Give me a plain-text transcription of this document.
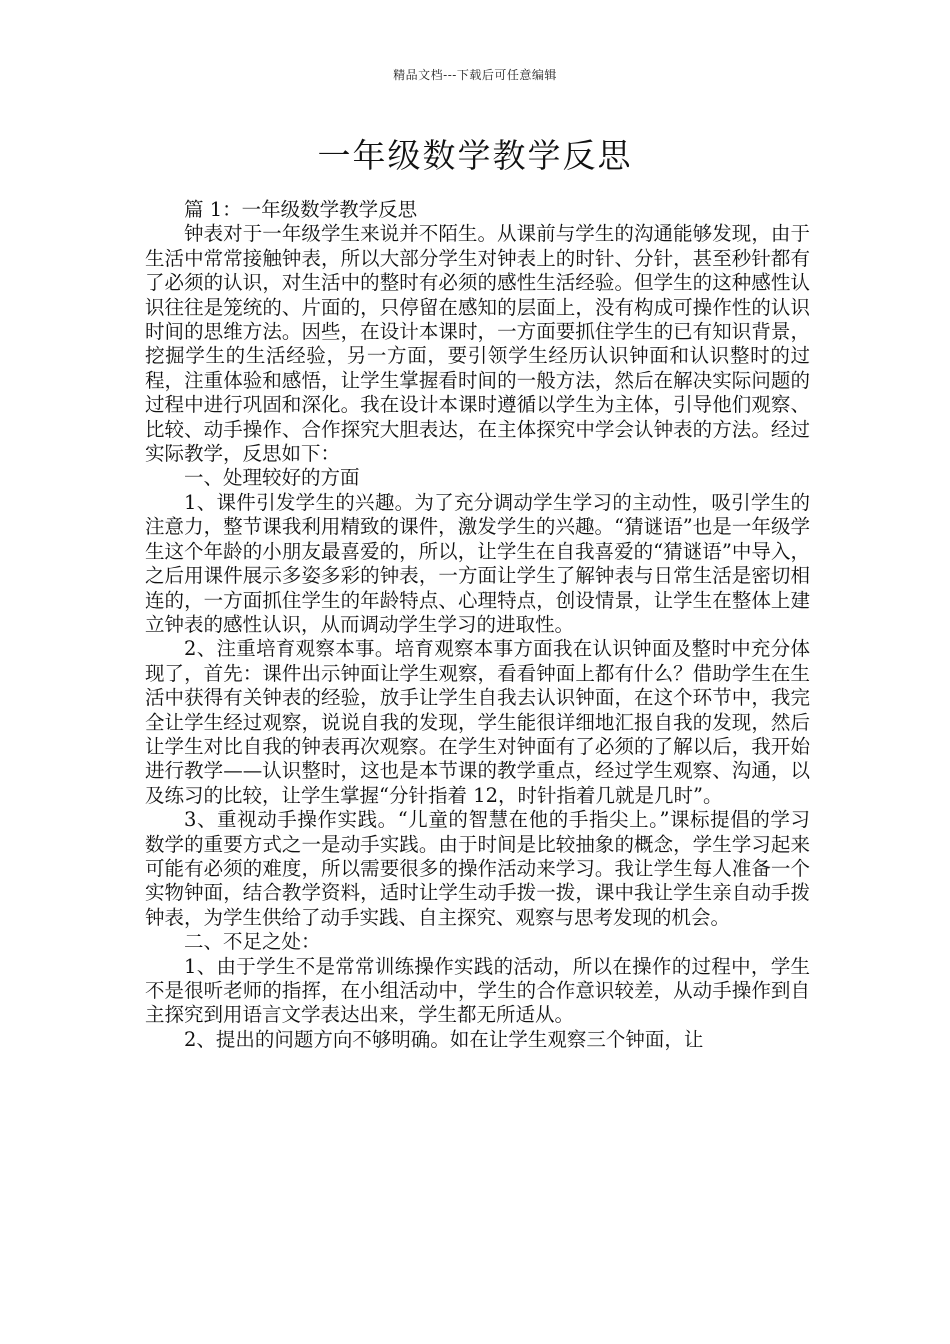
精品文档---下载后可任意编辑
一年级数学教学反思

篇 1：一年级数学教学反思

钟表对于一年级学生来说并不陌生。从课前与学生的沟通能够发现，由于生活中常常接触钟表，所以大部分学生对钟表上的时针、分针，甚至秒针都有了必须的认识，对生活中的整时有必须的感性生活经验。但学生的这种感性认识往往是笼统的、片面的，只停留在感知的层面上，没有构成可操作性的认识时间的思维方法。因些，在设计本课时，一方面要抓住学生的已有知识背景，挖掘学生的生活经验，另一方面，要引领学生经历认识钟面和认识整时的过程，注重体验和感悟，让学生掌握看时间的一般方法，然后在解决实际问题的过程中进行巩固和深化。我在设计本课时遵循以学生为主体，引导他们观察、比较、动手操作、合作探究大胆表达，在主体探究中学会认钟表的方法。经过实际教学，反思如下：

一、处理较好的方面

1、课件引发学生的兴趣。为了充分调动学生学习的主动性，吸引学生的注意力，整节课我利用精致的课件，激发学生的兴趣。“猜谜语”也是一年级学生这个年龄的小朋友最喜爱的，所以，让学生在自我喜爱的“猜谜语”中导入，之后用课件展示多姿多彩的钟表，一方面让学生了解钟表与日常生活是密切相连的，一方面抓住学生的年龄特点、心理特点，创设情景，让学生在整体上建立钟表的感性认识，从而调动学生学习的进取性。

2、注重培育观察本事。培育观察本事方面我在认识钟面及整时中充分体现了，首先：课件出示钟面让学生观察，看看钟面上都有什么？借助学生在生活中获得有关钟表的经验，放手让学生自我去认识钟面，在这个环节中，我完全让学生经过观察，说说自我的发现，学生能很详细地汇报自我的发现，然后让学生对比自我的钟表再次观察。在学生对钟面有了必须的了解以后，我开始进行教学——认识整时，这也是本节课的教学重点，经过学生观察、沟通，以及练习的比较，让学生掌握“分针指着 12，时针指着几就是几时”。

3、重视动手操作实践。“儿童的智慧在他的手指尖上。”课标提倡的学习数学的重要方式之一是动手实践。由于时间是比较抽象的概念，学生学习起来可能有必须的难度，所以需要很多的操作活动来学习。我让学生每人准备一个实物钟面，结合教学资料，适时让学生动手拨一拨，课中我让学生亲自动手拨钟表，为学生供给了动手实践、自主探究、观察与思考发现的机会。

二、不足之处：

1、由于学生不是常常训练操作实践的活动，所以在操作的过程中，学生不是很听老师的指挥，在小组活动中，学生的合作意识较差，从动手操作到自主探究到用语言文学表达出来，学生都无所适从。

2、提出的问题方向不够明确。如在让学生观察三个钟面，让
